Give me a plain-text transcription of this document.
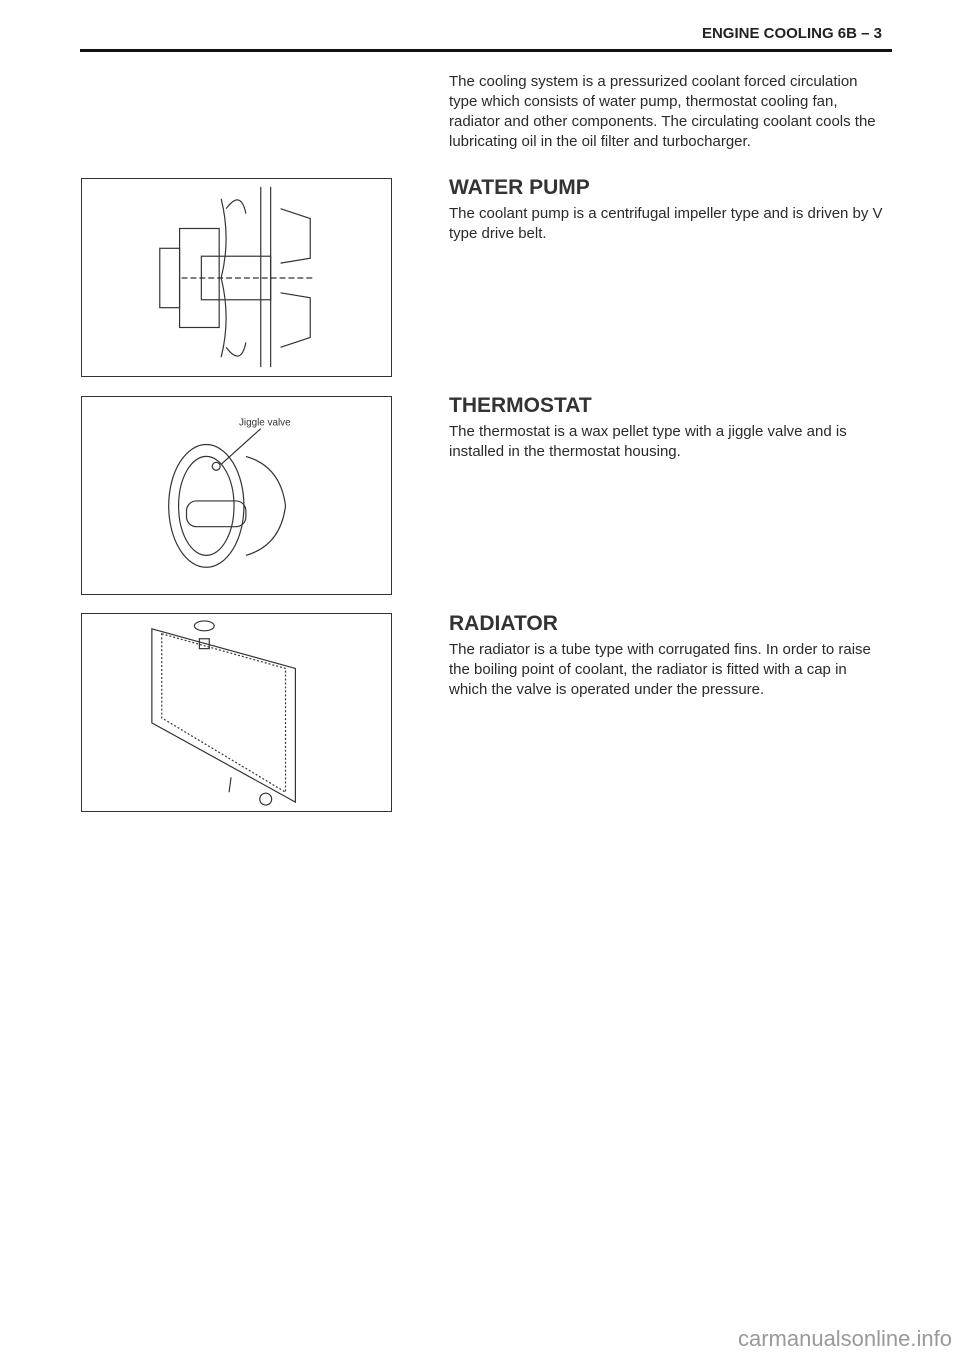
ENGINE COOLING 6B – 3
The cooling system is a pressurized coolant forced circulation type which consists of water pump, thermostat cooling fan, radiator and other components. The circulating coolant cools the lubricating oil in the oil filter and turbocharger.
WATER PUMP
The coolant pump is a centrifugal impeller type and is driven by V type drive belt.
Jiggle valve
THERMOSTAT
The thermostat is a wax pellet type with a jiggle valve and is installed in the thermostat housing.
RADIATOR
The radiator is a tube type with corrugated fins. In order to raise the boiling point of coolant, the radiator is fitted with a cap in which the valve is operated under the pressure.
carmanualsonline.info
